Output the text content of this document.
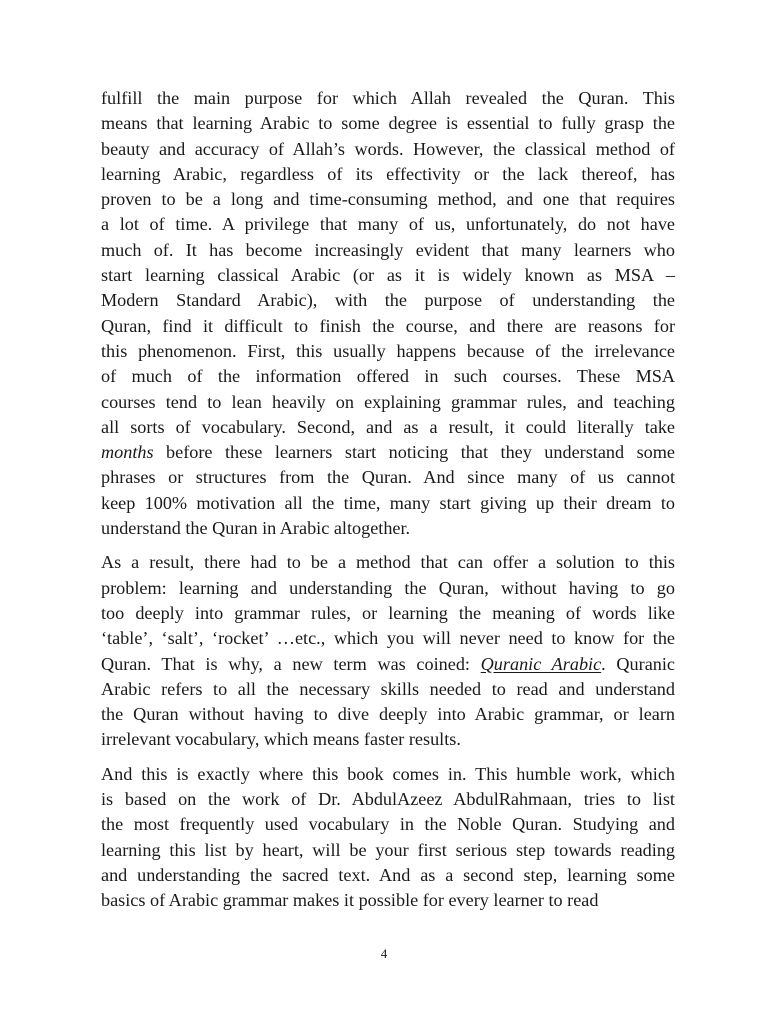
fulfill the main purpose for which Allah revealed the Quran. This
means that learning Arabic to some degree is essential to fully grasp the
beauty and accuracy of Allah’s words. However, the classical method of
learning Arabic, regardless of its effectivity or the lack thereof, has
proven to be a long and time-consuming method, and one that requires
a lot of time. A privilege that many of us, unfortunately, do not have
much of. It has become increasingly evident that many learners who
start learning classical Arabic (or as it is widely known as MSA –
Modern Standard Arabic), with the purpose of understanding the
Quran, find it difficult to finish the course, and there are reasons for
this phenomenon. First, this usually happens because of the irrelevance
of much of the information offered in such courses. These MSA
courses tend to lean heavily on explaining grammar rules, and teaching
all sorts of vocabulary. Second, and as a result, it could literally take
months before these learners start noticing that they understand some
phrases or structures from the Quran. And since many of us cannot
keep 100% motivation all the time, many start giving up their dream to
understand the Quran in Arabic altogether.

As a result, there had to be a method that can offer a solution to this
problem: learning and understanding the Quran, without having to go
too deeply into grammar rules, or learning the meaning of words like
‘table’, ‘salt’, ‘rocket’ …etc., which you will never need to know for the
Quran. That is why, a new term was coined: Quranic Arabic. Quranic
Arabic refers to all the necessary skills needed to read and understand
the Quran without having to dive deeply into Arabic grammar, or learn
irrelevant vocabulary, which means faster results.

And this is exactly where this book comes in. This humble work, which
is based on the work of Dr. AbdulAzeez AbdulRahmaan, tries to list
the most frequently used vocabulary in the Noble Quran. Studying and
learning this list by heart, will be your first serious step towards reading
and understanding the sacred text. And as a second step, learning some
basics of Arabic grammar makes it possible for every learner to read

4
